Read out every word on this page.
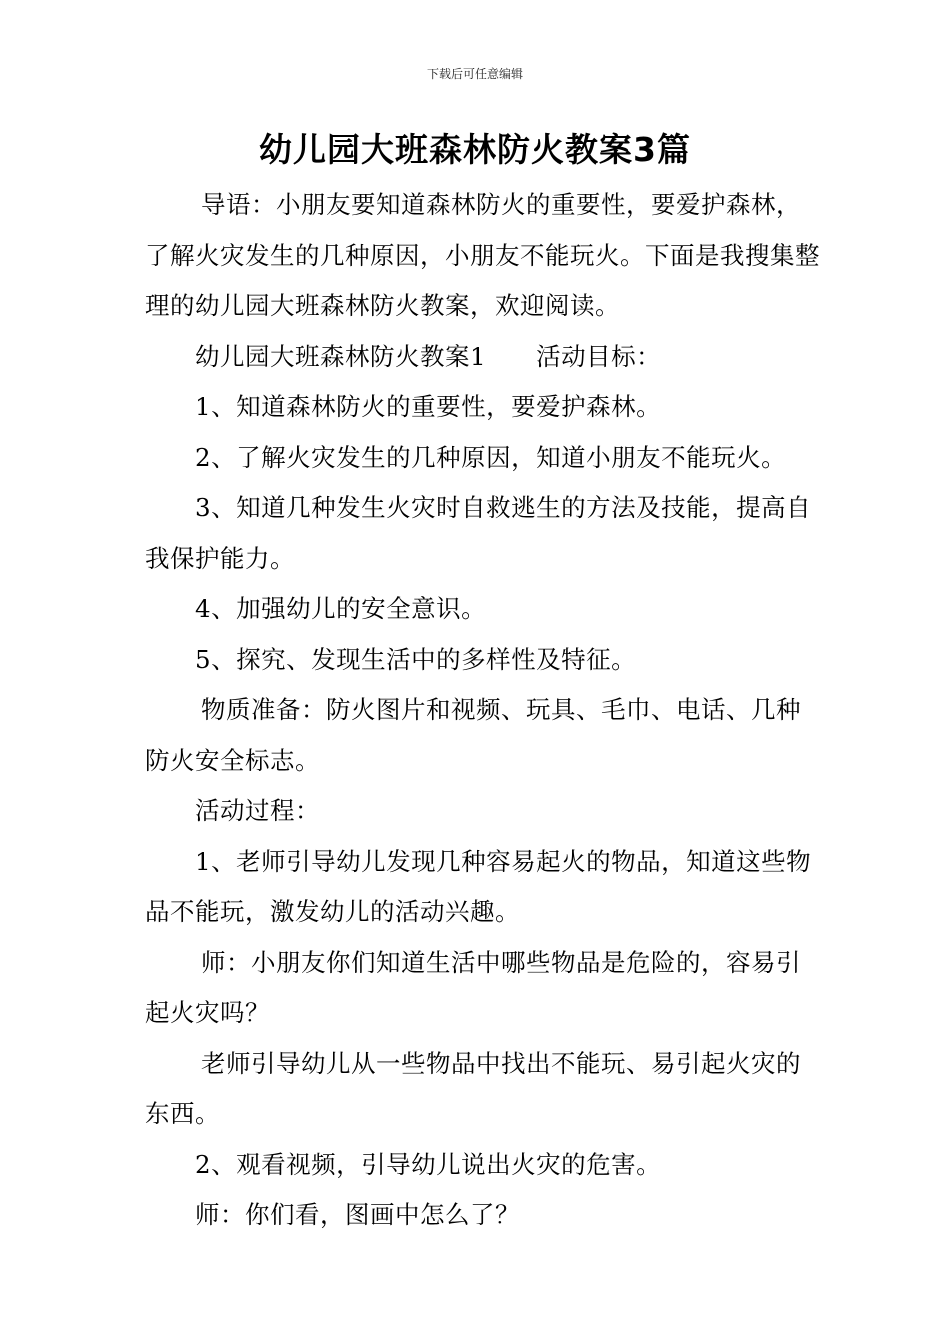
下载后可任意编辑
幼儿园大班森林防火教案3篇

导语：小朋友要知道森林防火的重要性，要爱护森林，了解火灾发生的几种原因，小朋友不能玩火。下面是我搜集整理的幼儿园大班森林防火教案，欢迎阅读。

幼儿园大班森林防火教案1　　活动目标：

1、知道森林防火的重要性，要爱护森林。

2、了解火灾发生的几种原因，知道小朋友不能玩火。

3、知道几种发生火灾时自救逃生的方法及技能，提高自我保护能力。

4、加强幼儿的安全意识。

5、探究、发现生活中的多样性及特征。

物质准备：防火图片和视频、玩具、毛巾、电话、几种防火安全标志。

活动过程：

1、老师引导幼儿发现几种容易起火的物品，知道这些物品不能玩，激发幼儿的活动兴趣。

师：小朋友你们知道生活中哪些物品是危险的，容易引起火灾吗？

老师引导幼儿从一些物品中找出不能玩、易引起火灾的东西。

2、观看视频，引导幼儿说出火灾的危害。

师：你们看，图画中怎么了？
